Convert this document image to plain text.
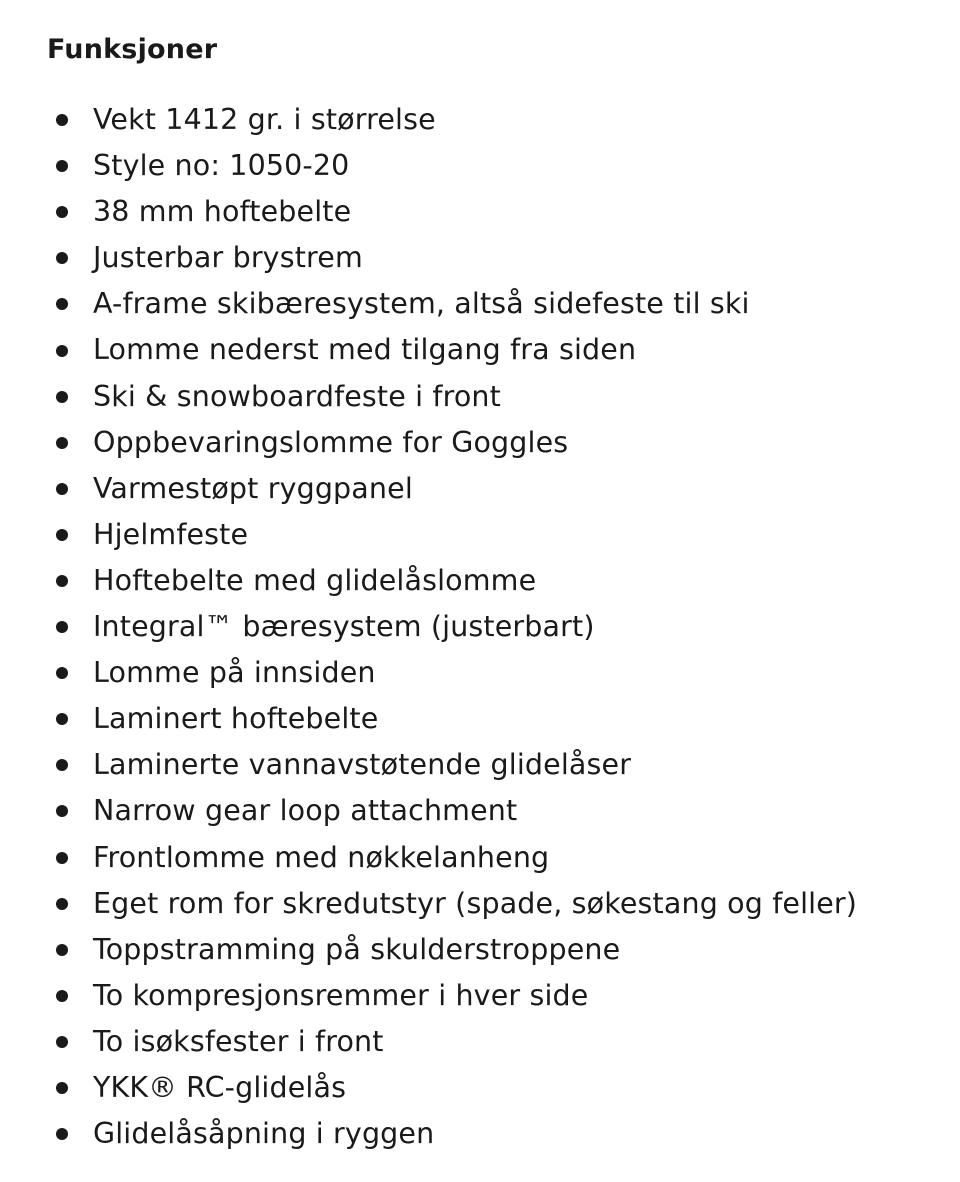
Funksjoner
Vekt 1412 gr. i størrelse
Style no: 1050-20
38 mm hoftebelte
Justerbar brystrem
A-frame skibæresystem, altså sidefeste til ski
Lomme nederst med tilgang fra siden
Ski & snowboardfeste i front
Oppbevaringslomme for Goggles
Varmestøpt ryggpanel
Hjelmfeste
Hoftebelte med glidelåslomme
Integral™ bæresystem (justerbart)
Lomme på innsiden
Laminert hoftebelte
Laminerte vannavstøtende glidelåser
Narrow gear loop attachment
Frontlomme med nøkkelanheng
Eget rom for skredutstyr (spade, søkestang og feller)
Toppstramming på skulderstroppene
To kompresjonsremmer i hver side
To isøksfester i front
YKK® RC-glidelås
Glidelåsåpning i ryggen
